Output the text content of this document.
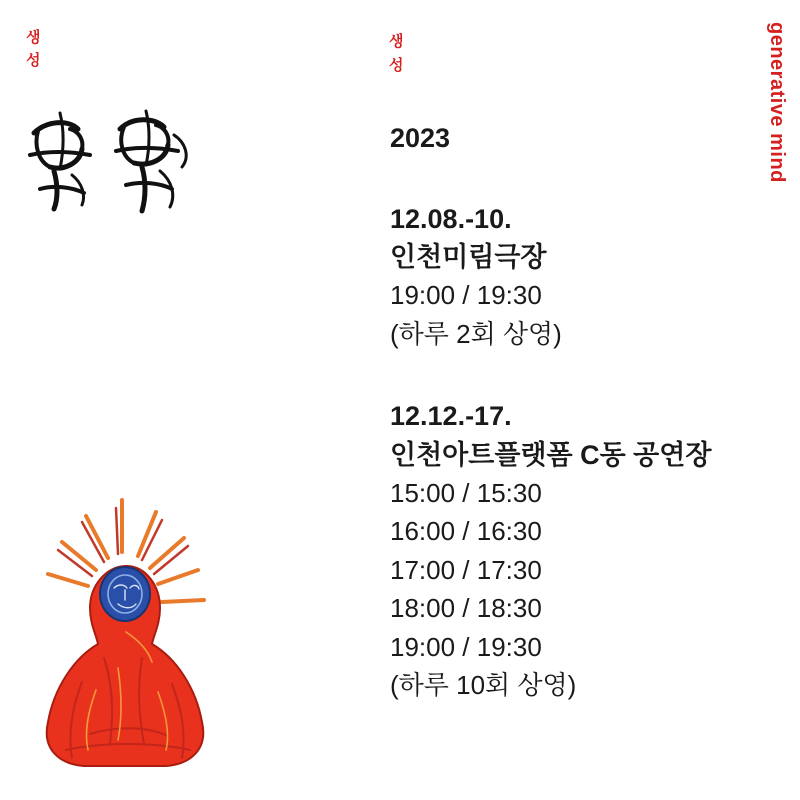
생
성
생
성	generative mind

2023

12.08.-10.

인천미림극장

19:00 / 19:30

(하루 2회 상영)

12.12.-17.

인천아트플랫폼 C동 공연장

15:00 / 15:30

16:00 / 16:30

17:00 / 17:30

18:00 / 18:30

19:00 / 19:30

(하루 10회 상영)
